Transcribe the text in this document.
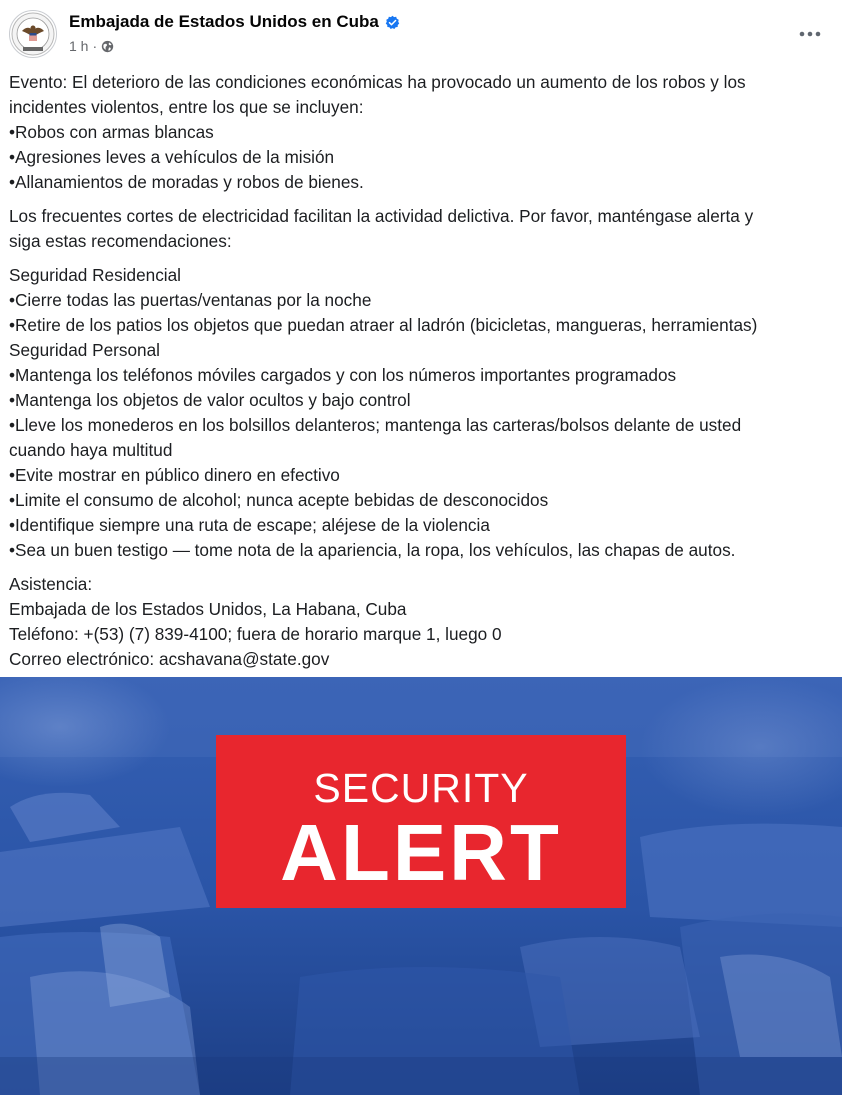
Embajada de Estados Unidos en Cuba
1 h ·

Evento: El deterioro de las condiciones económicas ha provocado un aumento de los robos y los
incidentes violentos, entre los que se incluyen:
•Robos con armas blancas
•Agresiones leves a vehículos de la misión
•Allanamientos de moradas y robos de bienes.

Los frecuentes cortes de electricidad facilitan la actividad delictiva. Por favor, manténgase alerta y
siga estas recomendaciones:

Seguridad Residencial
•Cierre todas las puertas/ventanas por la noche
•Retire de los patios los objetos que puedan atraer al ladrón (bicicletas, mangueras, herramientas)
Seguridad Personal
•Mantenga los teléfonos móviles cargados y con los números importantes programados
•Mantenga los objetos de valor ocultos y bajo control
•Lleve los monederos en los bolsillos delanteros; mantenga las carteras/bolsos delante de usted
cuando haya multitud
•Evite mostrar en público dinero en efectivo
•Limite el consumo de alcohol; nunca acepte bebidas de desconocidos
•Identifique siempre una ruta de escape; aléjese de la violencia
•Sea un buen testigo — tome nota de la apariencia, la ropa, los vehículos, las chapas de autos.

Asistencia:
Embajada de los Estados Unidos, La Habana, Cuba
Teléfono: +(53) (7) 839-4100; fuera de horario marque 1, luego 0
Correo electrónico: acshavana@state.gov

SECURITY
ALERT
